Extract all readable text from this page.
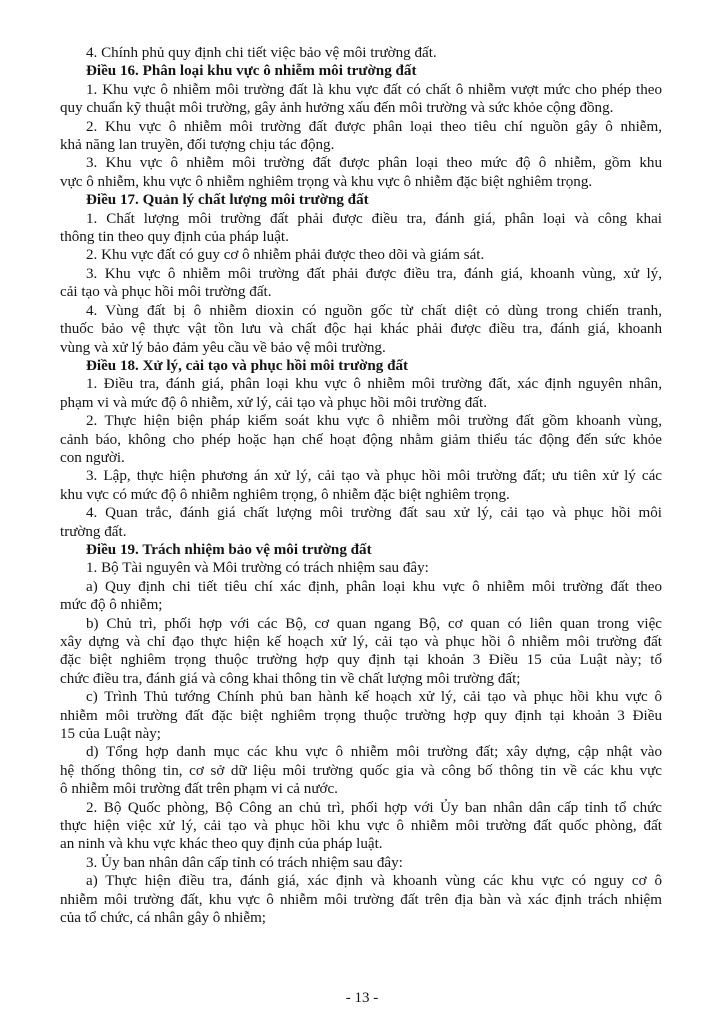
4. Chính phủ quy định chi tiết việc bảo vệ môi trường đất.
Điều 16. Phân loại khu vực ô nhiễm môi trường đất
1. Khu vực ô nhiễm môi trường đất là khu vực đất có chất ô nhiễm vượt mức cho phép theo
quy chuẩn kỹ thuật môi trường, gây ảnh hưởng xấu đến môi trường và sức khỏe cộng đồng.
2. Khu vực ô nhiễm môi trường đất được phân loại theo tiêu chí nguồn gây ô nhiễm,
khả năng lan truyền, đối tượng chịu tác động.
3. Khu vực ô nhiễm môi trường đất được phân loại theo mức độ ô nhiễm, gồm khu
vực ô nhiễm, khu vực ô nhiễm nghiêm trọng và khu vực ô nhiễm đặc biệt nghiêm trọng.
Điều 17. Quản lý chất lượng môi trường đất
1. Chất lượng môi trường đất phải được điều tra, đánh giá, phân loại và công khai
thông tin theo quy định của pháp luật.
2. Khu vực đất có guy cơ ô nhiễm phải được theo dõi và giám sát.
3. Khu vực ô nhiễm môi trường đất phải được điều tra, đánh giá, khoanh vùng, xử lý,
cải tạo và phục hồi môi trường đất.
4. Vùng đất bị ô nhiễm dioxin có nguồn gốc từ chất diệt cỏ dùng trong chiến tranh,
thuốc bảo vệ thực vật tồn lưu và chất độc hại khác phải được điều tra, đánh giá, khoanh
vùng và xử lý bảo đảm yêu cầu về bảo vệ môi trường.
Điều 18. Xử lý, cải tạo và phục hồi môi trường đất
1. Điều tra, đánh giá, phân loại khu vực ô nhiễm môi trường đất, xác định nguyên nhân,
phạm vi và mức độ ô nhiễm, xử lý, cải tạo và phục hồi môi trường đất.
2. Thực hiện biện pháp kiểm soát khu vực ô nhiễm môi trường đất gồm khoanh vùng,
cảnh báo, không cho phép hoặc hạn chế hoạt động nhằm giảm thiểu tác động đến sức khỏe
con người.
3. Lập, thực hiện phương án xử lý, cải tạo và phục hồi môi trường đất; ưu tiên xử lý các
khu vực có mức độ ô nhiễm nghiêm trọng, ô nhiễm đặc biệt nghiêm trọng.
4. Quan trắc, đánh giá chất lượng môi trường đất sau xử lý, cải tạo và phục hồi môi
trường đất.
Điều 19. Trách nhiệm bảo vệ môi trường đất
1. Bộ Tài nguyên và Môi trường có trách nhiệm sau đây:
a) Quy định chi tiết tiêu chí xác định, phân loại khu vực ô nhiễm môi trường đất theo
mức độ ô nhiễm;
b) Chủ trì, phối hợp với các Bộ, cơ quan ngang Bộ, cơ quan có liên quan trong việc
xây dựng và chỉ đạo thực hiện kế hoạch xử lý, cải tạo và phục hồi ô nhiễm môi trường đất
đặc biệt nghiêm trọng thuộc trường hợp quy định tại khoản 3 Điều 15 của Luật này; tổ
chức điều tra, đánh giá và công khai thông tin về chất lượng môi trường đất;
c) Trình Thủ tướng Chính phủ ban hành kế hoạch xử lý, cải tạo và phục hồi khu vực ô
nhiễm môi trường đất đặc biệt nghiêm trọng thuộc trường hợp quy định tại khoản 3 Điều
15 của Luật này;
d) Tổng hợp danh mục các khu vực ô nhiễm môi trường đất; xây dựng, cập nhật vào
hệ thống thông tin, cơ sở dữ liệu môi trường quốc gia và công bố thông tin về các khu vực
ô nhiễm môi trường đất trên phạm vi cả nước.
2. Bộ Quốc phòng, Bộ Công an chủ trì, phối hợp với Ủy ban nhân dân cấp tỉnh tổ chức
thực hiện việc xử lý, cải tạo và phục hồi khu vực ô nhiễm môi trường đất quốc phòng, đất
an ninh và khu vực khác theo quy định của pháp luật.
3. Ủy ban nhân dân cấp tỉnh có trách nhiệm sau đây:
a) Thực hiện điều tra, đánh giá, xác định và khoanh vùng các khu vực có nguy cơ ô
nhiễm môi trường đất, khu vực ô nhiễm môi trường đất trên địa bàn và xác định trách nhiệm
của tổ chức, cá nhân gây ô nhiễm;
- 13 -
